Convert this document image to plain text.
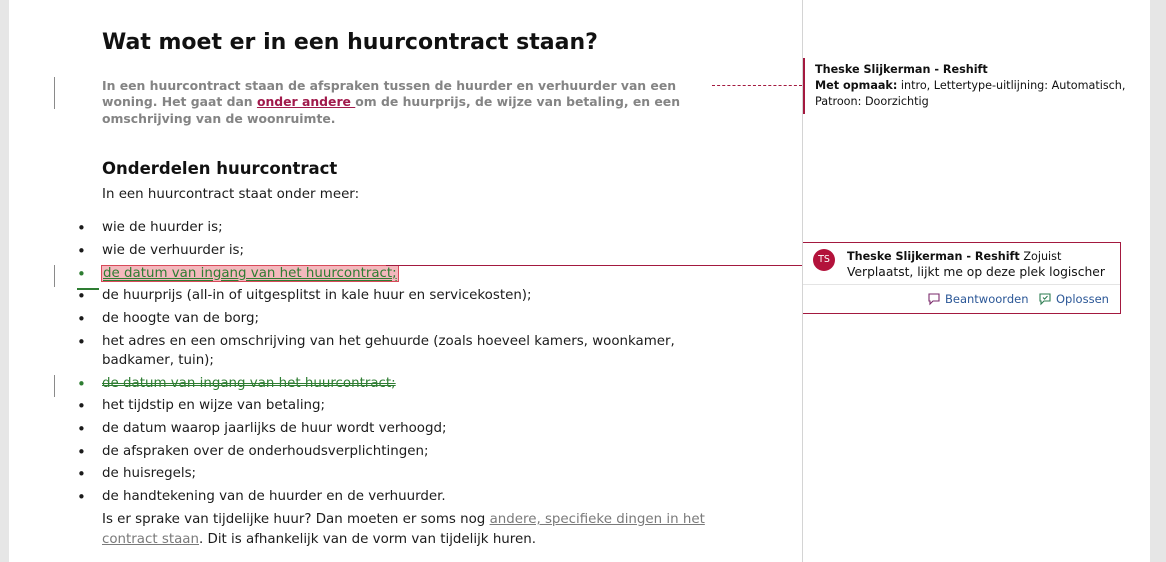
Wat moet er in een huurcontract staan?

In een huurcontract staan de afspraken tussen de huurder en verhuurder van een

woning. Het gaat dan onder andere om de huurprijs, de wijze van betaling, en een

omschrijving van de woonruimte.

Onderdelen huurcontract
In een huurcontract staat onder meer:
• wie de huurder is;
• wie de verhuurder is;
• de datum van ingang van het huurcontract;
• de huurprijs (all-in of uitgesplitst in kale huur en servicekosten);
• de hoogte van de borg;
• het adres en een omschrijving van het gehuurde (zoals hoeveel kamers, woonkamer,
badkamer, tuin);
• de datum van ingang van het huurcontract;
• het tijdstip en wijze van betaling;
• de datum waarop jaarlijks de huur wordt verhoogd;
• de afspraken over de onderhoudsverplichtingen;
• de huisregels;
• de handtekening van de huurder en de verhuurder.
Is er sprake van tijdelijke huur? Dan moeten er soms nog andere, specifieke dingen in het
contract staan. Dit is afhankelijk van de vorm van tijdelijk huren.
Theske Slijkerman - Reshift
Met opmaak: intro, Lettertype-uitlijning: Automatisch,
Patroon: Doorzichtig
TS	Theske Slijkerman - Reshift Zojuist
Verplaatst, lijkt me op deze plek logischer
Beantwoorden	Oplossen
